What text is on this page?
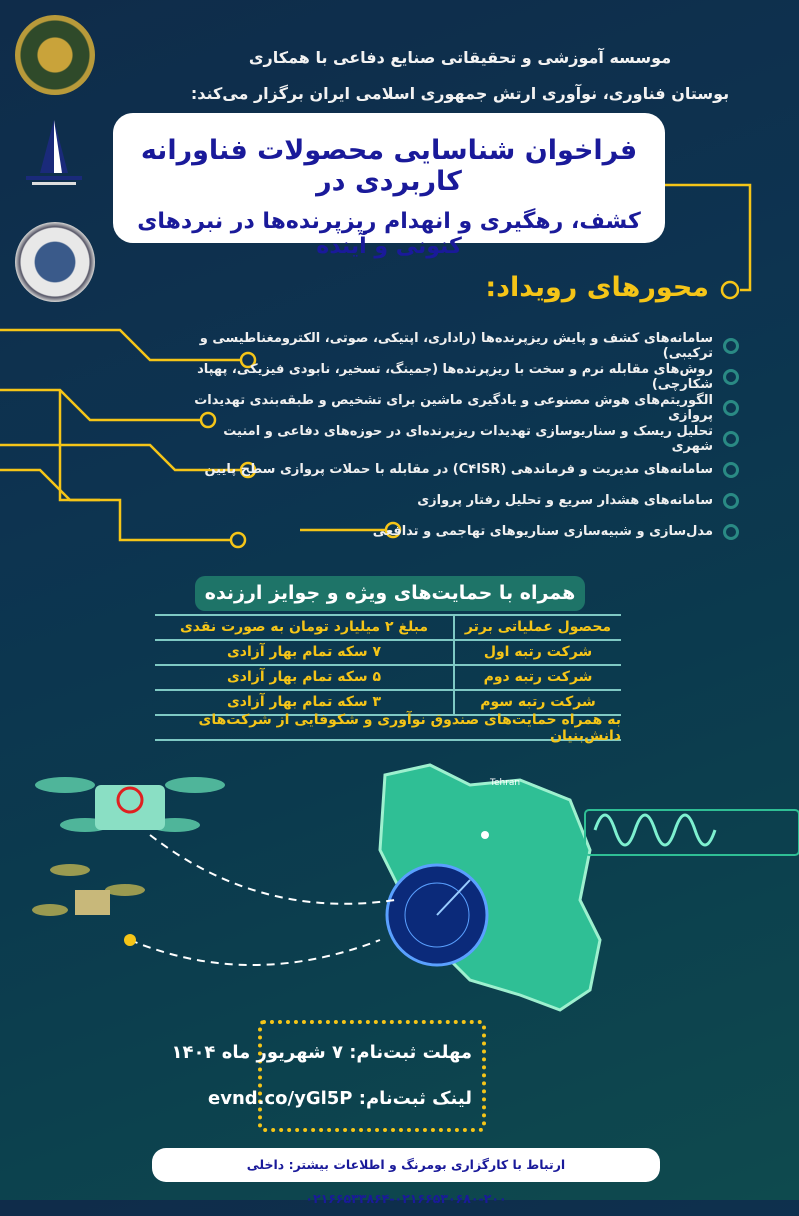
موسسه آموزشی و تحقیقاتی صنایع دفاعی با همکاری
بوستان فناوری، نوآوری ارتش جمهوری اسلامی ایران برگزار می‌کند:
فراخوان شناسایی محصولات فناورانه کاربردی در
کشف، رهگیری و انهدام ریزپرنده‌ها در نبردهای کنونی و آینده
محورهای رویداد:
سامانه‌های کشف و پایش ریزپرنده‌ها (راداری، اپتیکی، صوتی، الکترومغناطیسی و ترکیبی)
روش‌های مقابله نرم و سخت با ریزپرنده‌ها (جمینگ، تسخیر، نابودی فیزیکی، پهپاد شکارچی)
الگوریتم‌های هوش مصنوعی و یادگیری ماشین برای تشخیص و طبقه‌بندی تهدیدات پروازی
تحلیل ریسک و سناریوسازی تهدیدات ریزپرنده‌ای در حوزه‌های دفاعی و امنیت شهری
سامانه‌های مدیریت و فرماندهی (C۴ISR) در مقابله با حملات پروازی سطح پایین
سامانه‌های هشدار سریع و تحلیل رفتار پروازی
مدل‌سازی و شبیه‌سازی سناریوهای تهاجمی و تدافعی
همراه با حمایت‌های ویژه و جوایز ارزنده
محصول عملیاتی برتر
مبلغ ۲ میلیارد تومان به صورت نقدی
شرکت رتبه اول
۷ سکه تمام بهار آزادی
شرکت رتبه دوم
۵ سکه تمام بهار آزادی
شرکت رتبه سوم
۳ سکه تمام بهار آزادی
به همراه حمایت‌های صندوق نوآوری و شکوفایی از شرکت‌های دانش‌بنیان
Tehran
مهلت ثبت‌نام: ۷ شهریور ماه ۱۴۰۴
لینک ثبت‌نام: evnd.co/yGl5P
ارتباط با کارگزاری بومرنگ و اطلاعات بیشتر: داخلی ۲۰۰-۰۲۱۶۶۵۳۰۶۸۰-۰۲۱۶۶۵۳۳۸۶۴
